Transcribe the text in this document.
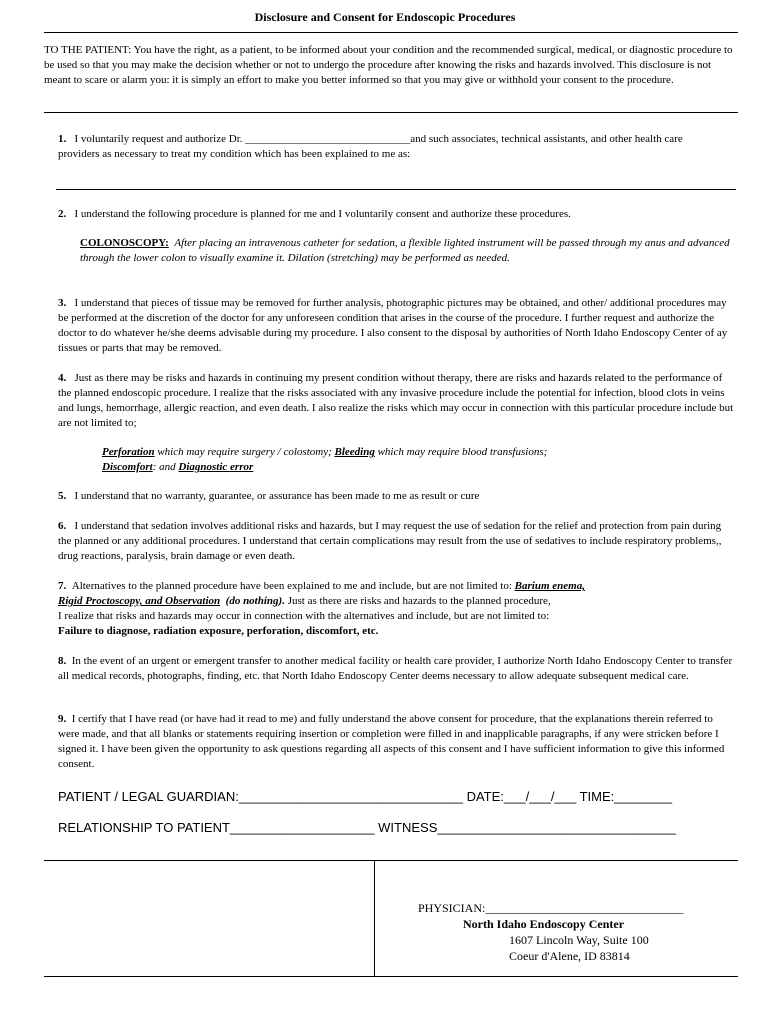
Disclosure and Consent for Endoscopic Procedures

TO THE PATIENT: You have the right, as a patient, to be informed about your condition and the recommended surgical, medical, or diagnostic procedure to be used so that you may make the decision whether or not to undergo the procedure after knowing the risks and hazards involved. This disclosure is not meant to scare or alarm you: it is simply an effort to make you better informed so that you may give or withhold your consent to the procedure.

1. I voluntarily request and authorize Dr. ______________________________and such associates, technical assistants, and other health care providers as necessary to treat my condition which has been explained to me as:

2. I understand the following procedure is planned for me and I voluntarily consent and authorize these procedures.

COLONOSCOPY: After placing an intravenous catheter for sedation, a flexible lighted instrument will be passed through my anus and advanced through the lower colon to visually examine it. Dilation (stretching) may be performed as needed.

3. I understand that pieces of tissue may be removed for further analysis, photographic pictures may be obtained, and other/ additional procedures may be performed at the discretion of the doctor for any unforeseen condition that arises in the course of the procedure. I further request and authorize the doctor to do whatever he/she deems advisable during my procedure. I also consent to the disposal by authorities of North Idaho Endoscopy Center of ay tissues or parts that may be removed.

4. Just as there may be risks and hazards in continuing my present condition without therapy, there are risks and hazards related to the performance of the planned endoscopic procedure. I realize that the risks associated with any invasive procedure include the potential for infection, blood clots in veins and lungs, hemorrhage, allergic reaction, and even death. I also realize the risks which may occur in connection with this particular procedure include but are not limited to;

Perforation which may require surgery / colostomy; Bleeding which may require blood transfusions;
Discomfort: and Diagnostic error

5. I understand that no warranty, guarantee, or assurance has been made to me as result or cure

6. I understand that sedation involves additional risks and hazards, but I may request the use of sedation for the relief and protection from pain during the planned or any additional procedures. I understand that certain complications may result from the use of sedatives to include respiratory problems,, drug reactions, paralysis, brain damage or even death.

7. Alternatives to the planned procedure have been explained to me and include, but are not limited to: Barium enema,
Rigid Proctoscopy, and Observation (do nothing). Just as there are risks and hazards to the planned procedure,
I realize that risks and hazards may occur in connection with the alternatives and include, but are not limited to:
Failure to diagnose, radiation exposure, perforation, discomfort, etc.

8. In the event of an urgent or emergent transfer to another medical facility or health care provider, I authorize North Idaho Endoscopy Center to transfer all medical records, photographs, finding, etc. that North Idaho Endoscopy Center deems necessary to allow adequate subsequent medical care.

9. I certify that I have read (or have had it read to me) and fully understand the above consent for procedure, that the explanations therein referred to were made, and that all blanks or statements requiring insertion or completion were filled in and inapplicable paragraphs, if any were stricken before I signed it. I have been given the opportunity to ask questions regarding all aspects of this consent and I have sufficient information to give this informed consent.

PATIENT / LEGAL GUARDIAN:_______________________________ DATE:___/___/___ TIME:________
RELATIONSHIP TO PATIENT____________________ WITNESS_________________________________
PHYSICIAN:_________________________________
North Idaho Endoscopy Center
1607 Lincoln Way, Suite 100
Coeur d'Alene, ID 83814
